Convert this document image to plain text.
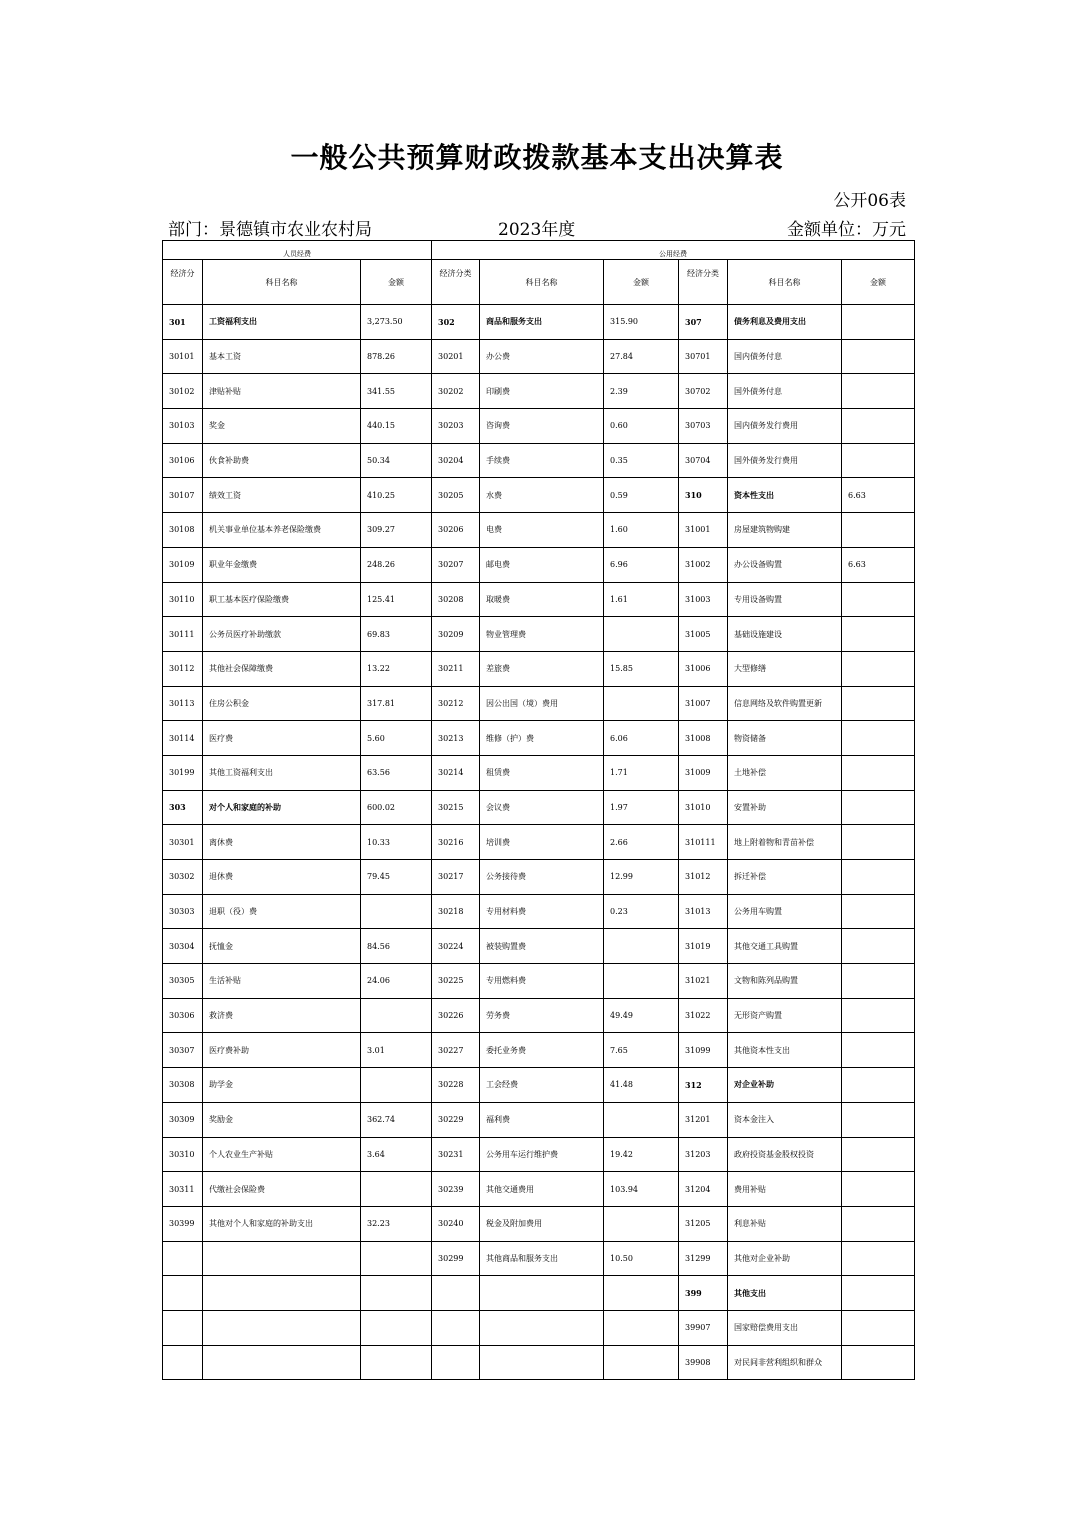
一般公共预算财政拨款基本支出决算表
公开06表
部门：景德镇市农业农村局	2023年度	金额单位：万元
人员经费			公用经费					
经济分	科目名称	金额	经济分类	科目名称	金额	经济分类	科目名称	金额
301	工资福利支出	3,273.50	302	商品和服务支出	315.90	307	债务利息及费用支出	
30101	基本工资	878.26	30201	办公费	27.84	30701	国内债务付息	
30102	津贴补贴	341.55	30202	印刷费	2.39	30702	国外债务付息	
30103	奖金	440.15	30203	咨询费	0.60	30703	国内债务发行费用	
30106	伙食补助费	50.34	30204	手续费	0.35	30704	国外债务发行费用	
30107	绩效工资	410.25	30205	水费	0.59	310	资本性支出	6.63
30108	机关事业单位基本养老保险缴费	309.27	30206	电费	1.60	31001	房屋建筑物购建	
30109	职业年金缴费	248.26	30207	邮电费	6.96	31002	办公设备购置	6.63
30110	职工基本医疗保险缴费	125.41	30208	取暖费	1.61	31003	专用设备购置	
30111	公务员医疗补助缴款	69.83	30209	物业管理费		31005	基础设施建设	
30112	其他社会保障缴费	13.22	30211	差旅费	15.85	31006	大型修缮	
30113	住房公积金	317.81	30212	因公出国（境）费用		31007	信息网络及软件购置更新	
30114	医疗费	5.60	30213	维修（护）费	6.06	31008	物资储备	
30199	其他工资福利支出	63.56	30214	租赁费	1.71	31009	土地补偿	
303	对个人和家庭的补助	600.02	30215	会议费	1.97	31010	安置补助	
30301	离休费	10.33	30216	培训费	2.66	310111	地上附着物和青苗补偿	
30302	退休费	79.45	30217	公务接待费	12.99	31012	拆迁补偿	
30303	退职（役）费		30218	专用材料费	0.23	31013	公务用车购置	
30304	抚恤金	84.56	30224	被装购置费		31019	其他交通工具购置	
30305	生活补贴	24.06	30225	专用燃料费		31021	文物和陈列品购置	
30306	救济费		30226	劳务费	49.49	31022	无形资产购置	
30307	医疗费补助	3.01	30227	委托业务费	7.65	31099	其他资本性支出	
30308	助学金		30228	工会经费	41.48	312	对企业补助	
30309	奖励金	362.74	30229	福利费		31201	资本金注入	
30310	个人农业生产补贴	3.64	30231	公务用车运行维护费	19.42	31203	政府投资基金股权投资	
30311	代缴社会保险费		30239	其他交通费用	103.94	31204	费用补贴	
30399	其他对个人和家庭的补助支出	32.23	30240	税金及附加费用		31205	利息补贴	
			30299	其他商品和服务支出	10.50	31299	其他对企业补助	
						399	其他支出	
						39907	国家赔偿费用支出	
						39908	对民间非营利组织和群众	
